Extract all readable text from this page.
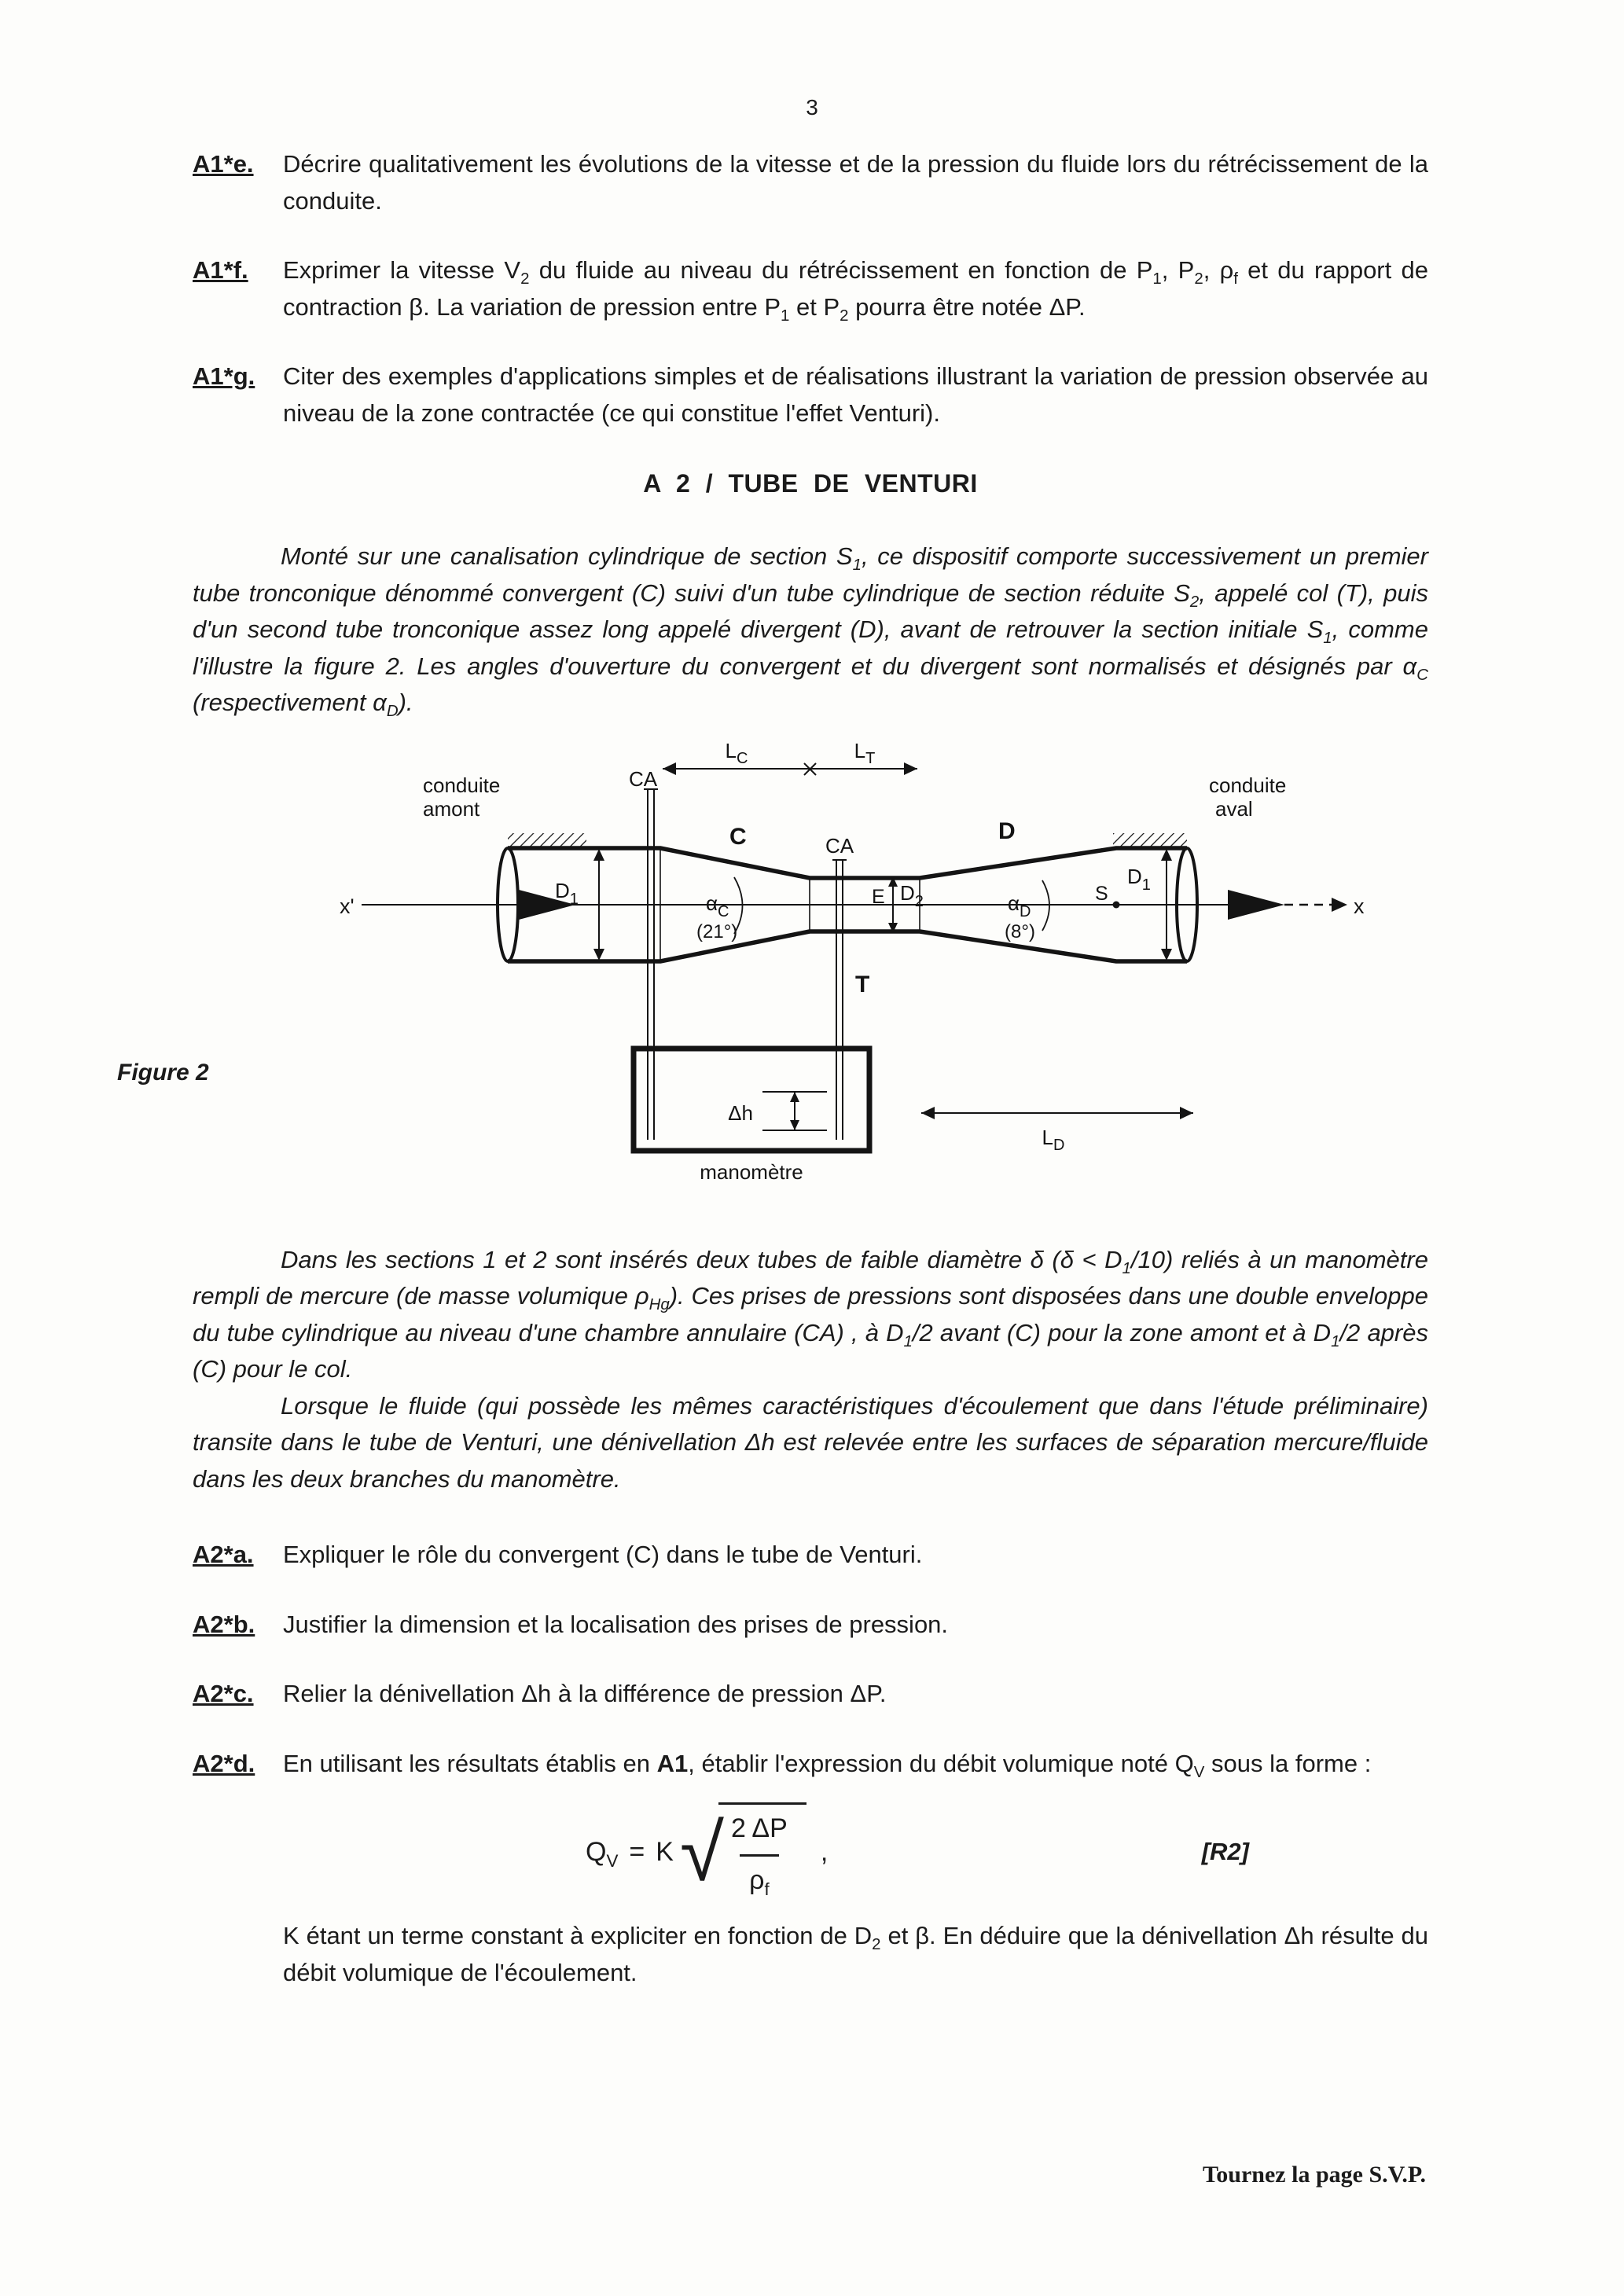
3
A1*e.	Décrire qualitativement les évolutions de la vitesse et de la pression du fluide lors du rétrécissement de la conduite.
A1*f.	Exprimer la vitesse $V_2$ du fluide au niveau du rétrécissement en fonction de $P_1$, $P_2$, $\rho_f$ et du rapport de contraction β. La variation de pression entre $P_1$ et $P_2$ pourra être notée ΔP.
A1*g.	Citer des exemples d'applications simples et de réalisations illustrant la variation de pression observée au niveau de la zone contractée (ce qui constitue l'effet Venturi).
A 2 / TUBE DE VENTURI

Monté sur une canalisation cylindrique de section $S_1$, ce dispositif comporte successivement un premier tube tronconique dénommé convergent (C) suivi d'un tube cylindrique de section réduite $S_2$, appelé col (T), puis d'un second tube tronconique assez long appelé divergent (D), avant de retrouver la section initiale $S_1$, comme l'illustre la figure 2. Les angles d'ouverture du convergent et du divergent sont normalisés et désignés par $\alpha_C$ (respectivement $\alpha_D$).

Figure 2
conduite amont
conduite aval
CA
CA
$L_C$	$L_T$
C	D
T
$D_1$
$D_1$
$D_2$
$\alpha_C$
(21°)
$\alpha_D$
(8°)
E	S
x'	x
Δh
$L_D$
manomètre

Dans les sections 1 et 2 sont insérés deux tubes de faible diamètre δ $(\delta < D_1/10)$ reliés à un manomètre rempli de mercure (de masse volumique $\rho_{Hg}$). Ces prises de pressions sont disposées dans une double enveloppe du tube cylindrique au niveau d'une chambre annulaire (CA) , à $D_1/2$ avant (C) pour la zone amont et à $D_1/2$ après (C) pour le col.

Lorsque le fluide (qui possède les mêmes caractéristiques d'écoulement que dans l'étude préliminaire) transite dans le tube de Venturi, une dénivellation Δh est relevée entre les surfaces de séparation mercure/fluide dans les deux branches du manomètre.

A2*a.	Expliquer le rôle du convergent (C) dans le tube de Venturi.
A2*b.	Justifier la dimension et la localisation des prises de pression.
A2*c.	Relier la dénivellation Δh à la différence de pression ΔP.
A2*d.	En utilisant les résultats établis en A1, établir l'expression du débit volumique noté $Q_V$ sous la forme :
$Q_V = K$ √ $\frac{2 \Delta P}{\rho_f}$ ,	[R2]
K étant un terme constant à expliciter en fonction de $D_2$ et β. En déduire que la dénivellation Δh résulte du débit volumique de l'écoulement.
Tournez la page S.V.P.
